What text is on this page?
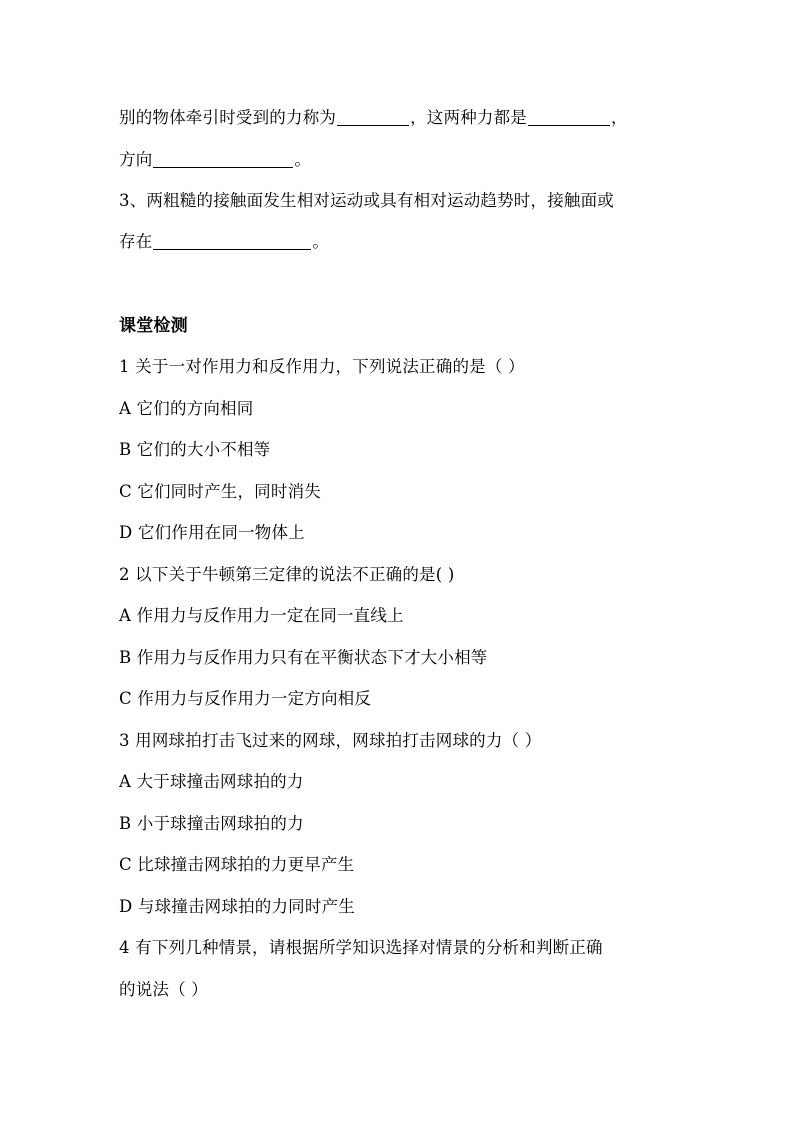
别的物体牵引时受到的力称为	，这两种力都是	，
方向	。
3、两粗糙的接触面发生相对运动或具有相对运动趋势时，接触面或
存在	。
课堂检测
1 关于一对作用力和反作用力，下列说法正确的是（ ）
A 它们的方向相同
B 它们的大小不相等
C 它们同时产生，同时消失
D 它们作用在同一物体上
2 以下关于牛顿第三定律的说法不正确的是( )
A 作用力与反作用力一定在同一直线上
B 作用力与反作用力只有在平衡状态下才大小相等
C 作用力与反作用力一定方向相反
3 用网球拍打击飞过来的网球，网球拍打击网球的力（ ）
A 大于球撞击网球拍的力
B 小于球撞击网球拍的力
C 比球撞击网球拍的力更早产生
D 与球撞击网球拍的力同时产生
4 有下列几种情景，请根据所学知识选择对情景的分析和判断正确
的说法（ ）
